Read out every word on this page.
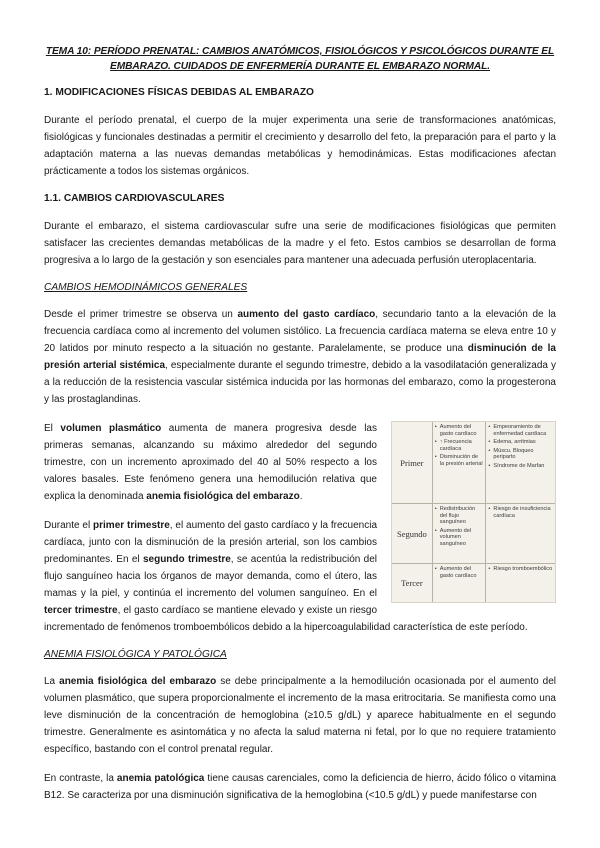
TEMA 10: PERÍODO PRENATAL: CAMBIOS ANATÓMICOS, FISIOLÓGICOS Y PSICOLÓGICOS DURANTE EL EMBARAZO. CUIDADOS DE ENFERMERÍA DURANTE EL EMBARAZO NORMAL.
1. MODIFICACIONES FÍSICAS DEBIDAS AL EMBARAZO

Durante el período prenatal, el cuerpo de la mujer experimenta una serie de transformaciones anatómicas, fisiológicas y funcionales destinadas a permitir el crecimiento y desarrollo del feto, la preparación para el parto y la adaptación materna a las nuevas demandas metabólicas y hemodinámicas. Estas modificaciones afectan prácticamente a todos los sistemas orgánicos.

1.1. CAMBIOS CARDIOVASCULARES

Durante el embarazo, el sistema cardiovascular sufre una serie de modificaciones fisiológicas que permiten satisfacer las crecientes demandas metabólicas de la madre y el feto. Estos cambios se desarrollan de forma progresiva a lo largo de la gestación y son esenciales para mantener una adecuada perfusión uteroplacentaria.

CAMBIOS HEMODINÁMICOS GENERALES

Desde el primer trimestre se observa un aumento del gasto cardíaco, secundario tanto a la elevación de la frecuencia cardíaca como al incremento del volumen sistólico. La frecuencia cardíaca materna se eleva entre 10 y 20 latidos por minuto respecto a la situación no gestante. Paralelamente, se produce una disminución de la presión arterial sistémica, especialmente durante el segundo trimestre, debido a la vasodilatación generalizada y a la reducción de la resistencia vascular sistémica inducida por las hormonas del embarazo, como la progesterona y las prostaglandinas.

Primer
• Aumento del gasto cardíaco
• ↑ Frecuencia cardíaca
• Disminución de la presión arterial
• Empeoramiento de enfermedad cardíaca
• Edema, arritmias
• Múscu. Bloqueo periparto
• Síndrome de Marfan
Segundo
• Redistribución del flujo sanguíneo
• Aumento del volumen sanguíneo
• Riesgo de insuficiencia cardíaca
Tercer
• Aumento del gasto cardíaco
• Riesgo tromboembólico

El volumen plasmático aumenta de manera progresiva desde las primeras semanas, alcanzando su máximo alrededor del segundo trimestre, con un incremento aproximado del 40 al 50% respecto a los valores basales. Este fenómeno genera una hemodilución relativa que explica la denominada anemia fisiológica del embarazo.

Durante el primer trimestre, el aumento del gasto cardíaco y la frecuencia cardíaca, junto con la disminución de la presión arterial, son los cambios predominantes. En el segundo trimestre, se acentúa la redistribución del flujo sanguíneo hacia los órganos de mayor demanda, como el útero, las mamas y la piel, y continúa el incremento del volumen sanguíneo. En el tercer trimestre, el gasto cardíaco se mantiene elevado y existe un riesgo incrementado de fenómenos tromboembólicos debido a la hipercoagulabilidad característica de este período.

ANEMIA FISIOLÓGICA Y PATOLÓGICA

La anemia fisiológica del embarazo se debe principalmente a la hemodilución ocasionada por el aumento del volumen plasmático, que supera proporcionalmente el incremento de la masa eritrocitaria. Se manifiesta como una leve disminución de la concentración de hemoglobina (≥10.5 g/dL) y aparece habitualmente en el segundo trimestre. Generalmente es asintomática y no afecta la salud materna ni fetal, por lo que no requiere tratamiento específico, bastando con el control prenatal regular.

En contraste, la anemia patológica tiene causas carenciales, como la deficiencia de hierro, ácido fólico o vitamina B12. Se caracteriza por una disminución significativa de la hemoglobina (<10.5 g/dL) y puede manifestarse con
